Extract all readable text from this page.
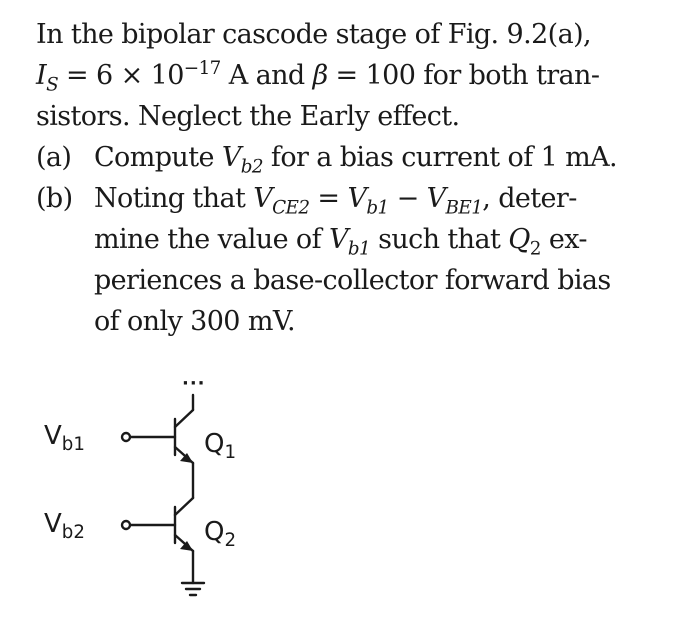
In the bipolar cascode stage of Fig. 9.2(a),
$I_S = 6 \times 10^{-17}$ A and β = 100 for both tran-
sistors. Neglect the Early effect.

(a) Compute $V_{b2}$ for a bias current of 1 mA.

(b) Noting that $V_{CE2} = V_{b1} - V_{BE1}$, deter-
mine the value of $V_{b1}$ such that $Q_2$ ex-
periences a base-collector forward bias
of only 300 mV.

···
$V_{b1}$
$V_{b2}$
$Q_1$
$Q_2$
